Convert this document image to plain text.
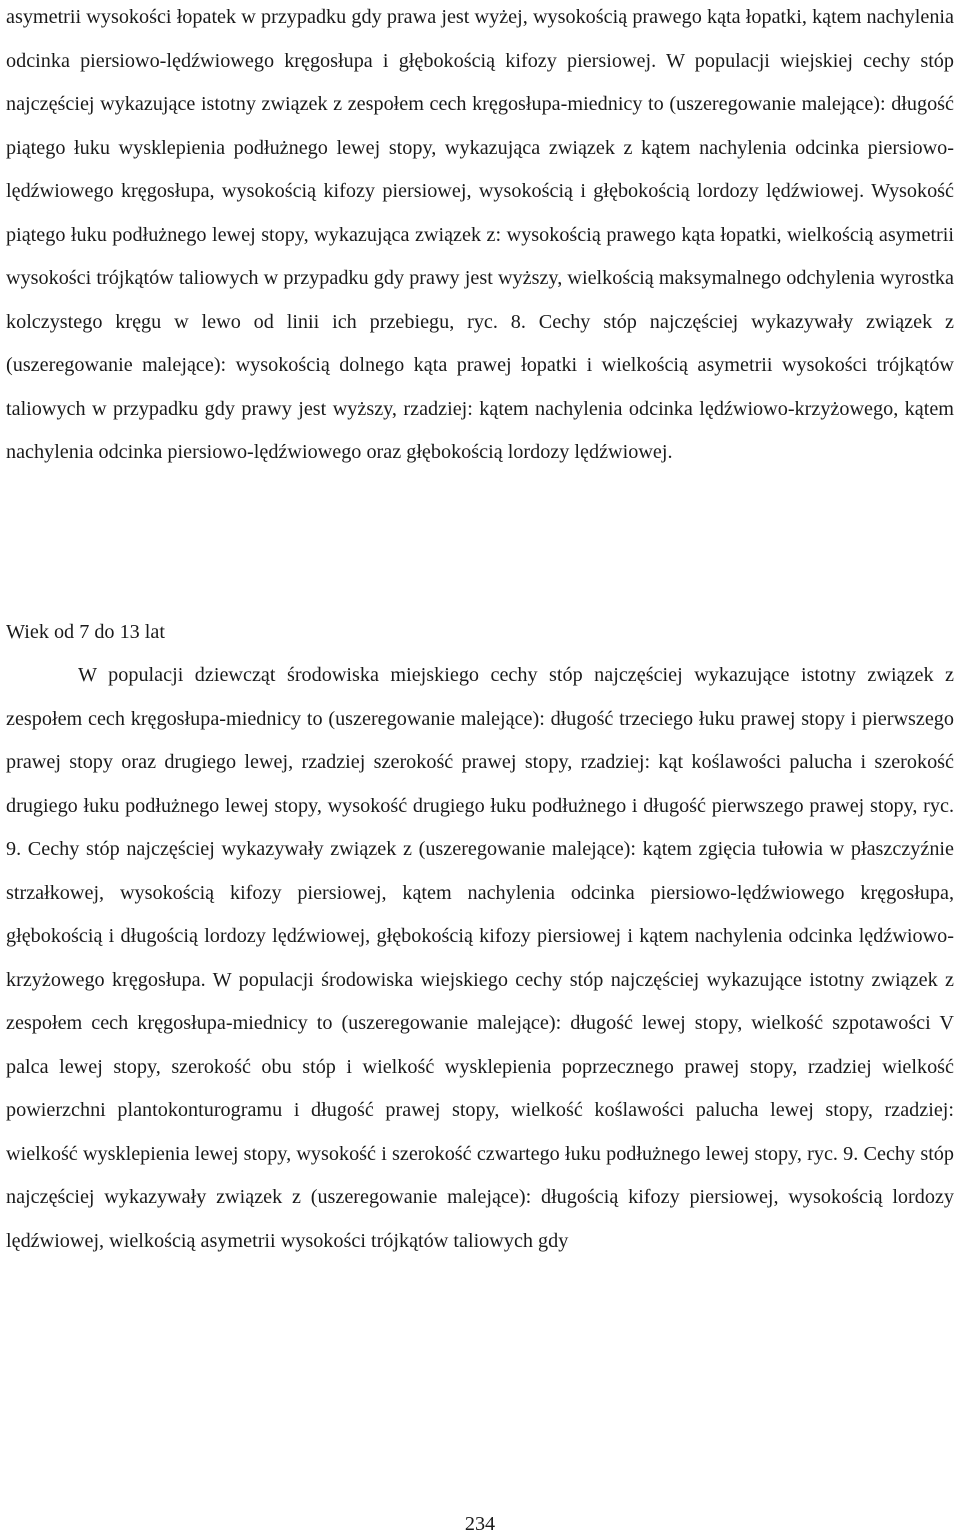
asymetrii wysokości łopatek w przypadku gdy prawa jest wyżej, wysokością prawego kąta łopatki, kątem nachylenia odcinka piersiowo-lędźwiowego kręgosłupa i głębokością kifozy piersiowej. W populacji wiejskiej cechy stóp najczęściej wykazujące istotny związek z zespołem cech kręgosłupa-miednicy to (uszeregowanie malejące): długość piątego łuku wysklepienia podłużnego lewej stopy, wykazująca związek z kątem nachylenia odcinka piersiowo-lędźwiowego kręgosłupa, wysokością kifozy piersiowej, wysokością i głębokością lordozy lędźwiowej. Wysokość piątego łuku podłużnego lewej stopy, wykazująca związek z: wysokością prawego kąta łopatki, wielkością asymetrii wysokości trójkątów taliowych w przypadku gdy prawy jest wyższy, wielkością maksymalnego odchylenia wyrostka kolczystego kręgu w lewo od linii ich przebiegu, ryc. 8. Cechy stóp najczęściej wykazywały związek z (uszeregowanie malejące): wysokością dolnego kąta prawej łopatki i wielkością asymetrii wysokości trójkątów taliowych w przypadku gdy prawy jest wyższy, rzadziej: kątem nachylenia odcinka lędźwiowo-krzyżowego, kątem nachylenia odcinka piersiowo-lędźwiowego oraz głębokością lordozy lędźwiowej.

Wiek od 7 do 13 lat

W populacji dziewcząt środowiska miejskiego cechy stóp najczęściej wykazujące istotny związek z zespołem cech kręgosłupa-miednicy to (uszeregowanie malejące): długość trzeciego łuku prawej stopy i pierwszego prawej stopy oraz drugiego lewej, rzadziej szerokość prawej stopy, rzadziej: kąt koślawości palucha i szerokość drugiego łuku podłużnego lewej stopy, wysokość drugiego łuku podłużnego i długość pierwszego prawej stopy, ryc. 9. Cechy stóp najczęściej wykazywały związek z (uszeregowanie malejące): kątem zgięcia tułowia w płaszczyźnie strzałkowej, wysokością kifozy piersiowej, kątem nachylenia odcinka piersiowo-lędźwiowego kręgosłupa, głębokością i długością lordozy lędźwiowej, głębokością kifozy piersiowej i kątem nachylenia odcinka lędźwiowo-krzyżowego kręgosłupa. W populacji środowiska wiejskiego cechy stóp najczęściej wykazujące istotny związek z zespołem cech kręgosłupa-miednicy to (uszeregowanie malejące): długość lewej stopy, wielkość szpotawości V palca lewej stopy, szerokość obu stóp i wielkość wysklepienia poprzecznego prawej stopy, rzadziej wielkość powierzchni plantokonturogramu i długość prawej stopy, wielkość koślawości palucha lewej stopy, rzadziej: wielkość wysklepienia lewej stopy, wysokość i szerokość czwartego łuku podłużnego lewej stopy, ryc. 9. Cechy stóp najczęściej wykazywały związek z (uszeregowanie malejące): długością kifozy piersiowej, wysokością lordozy lędźwiowej, wielkością asymetrii wysokości trójkątów taliowych gdy

234
